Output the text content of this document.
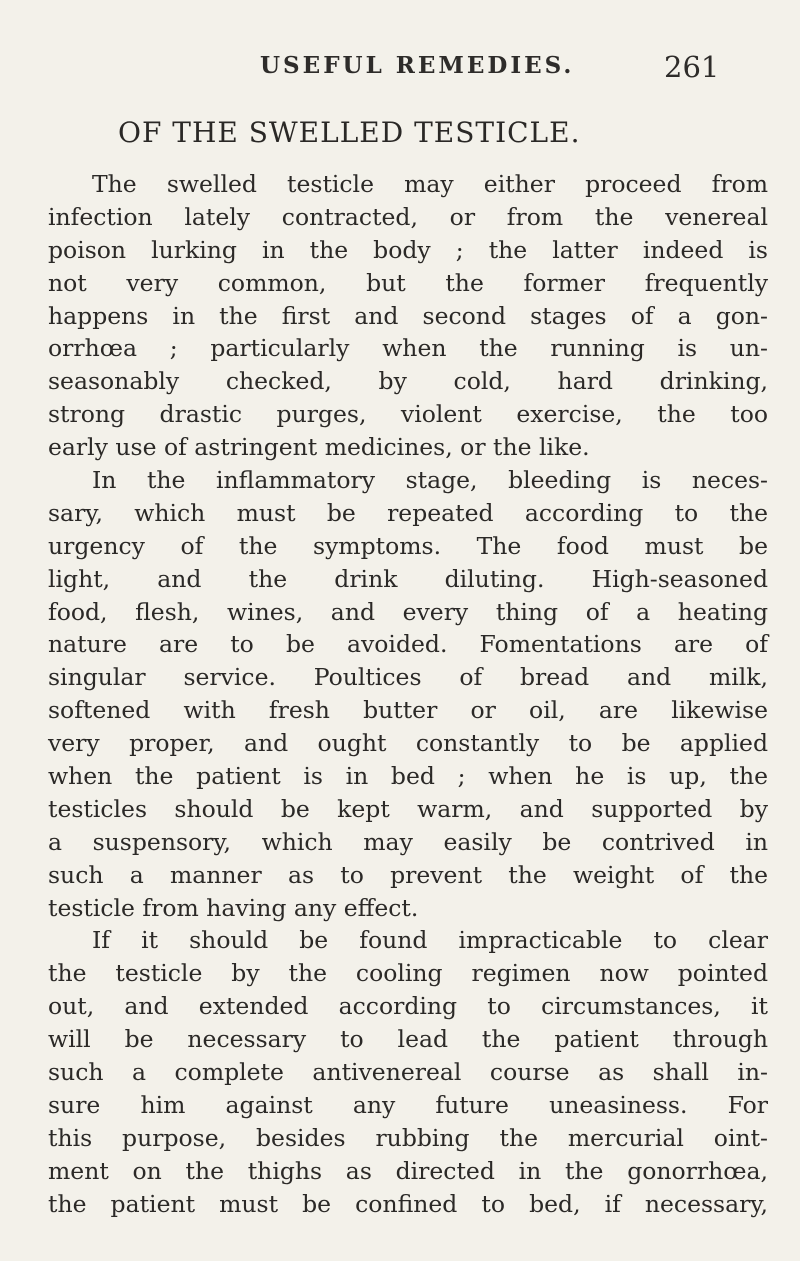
USEFUL REMEDIES.	261
OF THE SWELLED TESTICLE.
The swelled testicle may either proceed from
infection lately contracted, or from the venereal
poison lurking in the body ; the latter indeed is
not very common, but the former frequently
happens in the first and second stages of a gon-
orrhœa ; particularly when the running is un-
seasonably checked, by cold, hard drinking,
strong drastic purges, violent exercise, the too
early use of astringent medicines, or the like.
In the inflammatory stage, bleeding is neces-
sary, which must be repeated according to the
urgency of the symptoms. The food must be
light, and the drink diluting. High-seasoned
food, flesh, wines, and every thing of a heating
nature are to be avoided. Fomentations are of
singular service. Poultices of bread and milk,
softened with fresh butter or oil, are likewise
very proper, and ought constantly to be applied
when the patient is in bed ; when he is up, the
testicles should be kept warm, and supported by
a suspensory, which may easily be contrived in
such a manner as to prevent the weight of the
testicle from having any effect.
If it should be found impracticable to clear
the testicle by the cooling regimen now pointed
out, and extended according to circumstances, it
will be necessary to lead the patient through
such a complete antivenereal course as shall in-
sure him against any future uneasiness. For
this purpose, besides rubbing the mercurial oint-
ment on the thighs as directed in the gonorrhœa,
the patient must be confined to bed, if necessary,
